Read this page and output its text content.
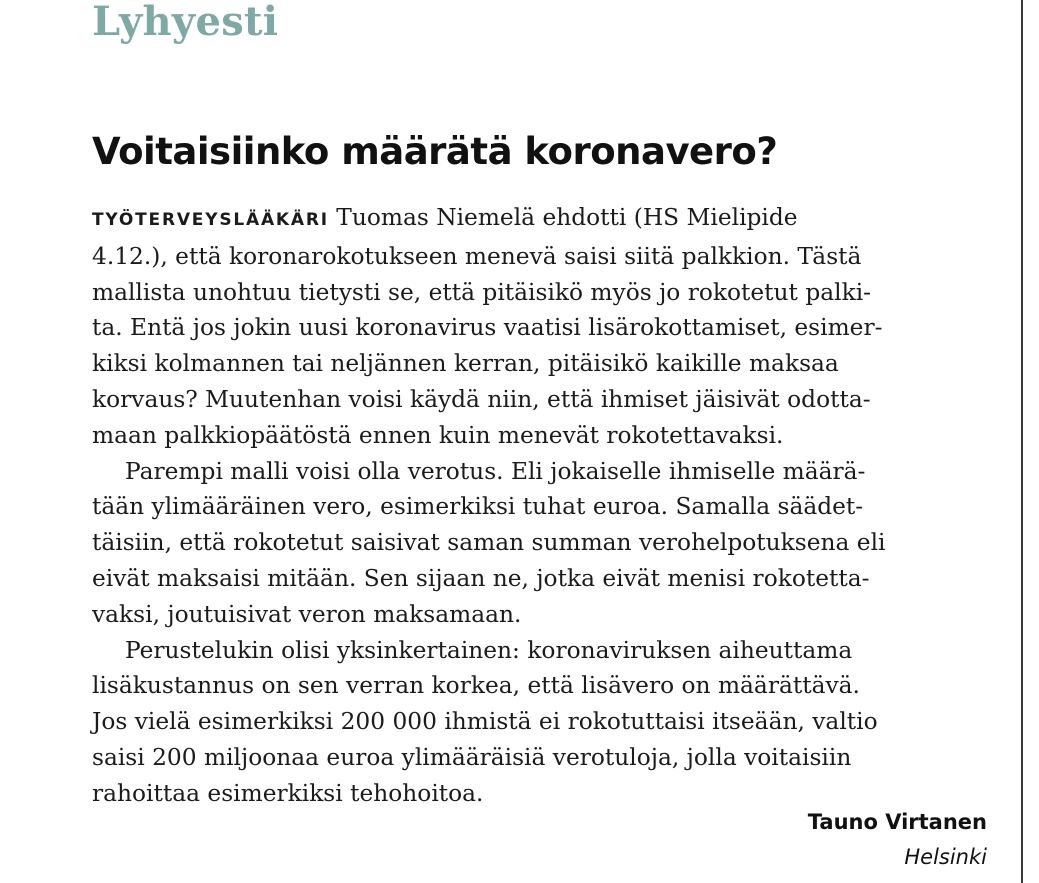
Lyhyesti
Voitaisiinko määrätä koronavero?
TYÖTERVEYSLÄÄKÄRI Tuomas Niemelä ehdotti (HS Mielipide
4.12.), että koronarokotukseen menevä saisi siitä palkkion. Tästä
mallista unohtuu tietysti se, että pitäisikö myös jo rokotetut palki-
ta. Entä jos jokin uusi koronavirus vaatisi lisärokottamiset, esimer-
kiksi kolmannen tai neljännen kerran, pitäisikö kaikille maksaa
korvaus? Muutenhan voisi käydä niin, että ihmiset jäisivät odotta-
maan palkkiopäätöstä ennen kuin menevät rokotettavaksi.
Parempi malli voisi olla verotus. Eli jokaiselle ihmiselle määrä-
tään ylimääräinen vero, esimerkiksi tuhat euroa. Samalla säädet-
täisiin, että rokotetut saisivat saman summan verohelpotuksena eli
eivät maksaisi mitään. Sen sijaan ne, jotka eivät menisi rokotetta-
vaksi, joutuisivat veron maksamaan.
Perustelukin olisi yksinkertainen: koronaviruksen aiheuttama
lisäkustannus on sen verran korkea, että lisävero on määrättävä.
Jos vielä esimerkiksi 200 000 ihmistä ei rokotuttaisi itseään, valtio
saisi 200 miljoonaa euroa ylimääräisiä verotuloja, jolla voitaisiin
rahoittaa esimerkiksi tehohoitoa.
Tauno Virtanen
Helsinki
